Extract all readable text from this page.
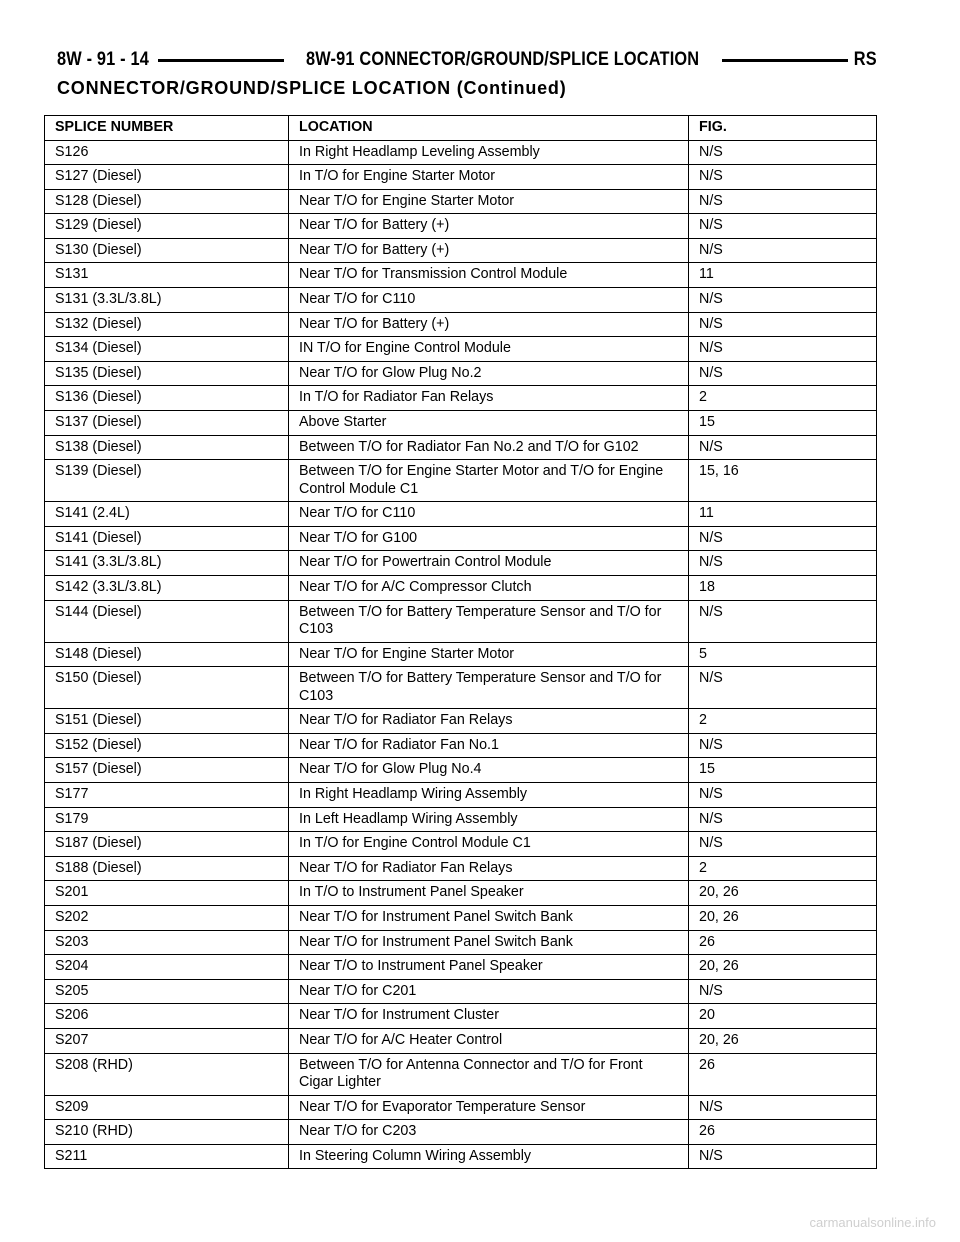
8W - 91 - 14	8W-91 CONNECTOR/GROUND/SPLICE LOCATION	RS
CONNECTOR/GROUND/SPLICE LOCATION (Continued)
SPLICE NUMBER	LOCATION	FIG.
S126	In Right Headlamp Leveling Assembly	N/S
S127 (Diesel)	In T/O for Engine Starter Motor	N/S
S128 (Diesel)	Near T/O for Engine Starter Motor	N/S
S129 (Diesel)	Near T/O for Battery (+)	N/S
S130 (Diesel)	Near T/O for Battery (+)	N/S
S131	Near T/O for Transmission Control Module	11
S131 (3.3L/3.8L)	Near T/O for C110	N/S
S132 (Diesel)	Near T/O for Battery (+)	N/S
S134 (Diesel)	IN T/O for Engine Control Module	N/S
S135 (Diesel)	Near T/O for Glow Plug No.2	N/S
S136 (Diesel)	In T/O for Radiator Fan Relays	2
S137 (Diesel)	Above Starter	15
S138 (Diesel)	Between T/O for Radiator Fan No.2 and T/O for G102	N/S
S139 (Diesel)	Between T/O for Engine Starter Motor and T/O for Engine Control Module C1	15, 16
S141 (2.4L)	Near T/O for C110	11
S141 (Diesel)	Near T/O for G100	N/S
S141 (3.3L/3.8L)	Near T/O for Powertrain Control Module	N/S
S142 (3.3L/3.8L)	Near T/O for A/C Compressor Clutch	18
S144 (Diesel)	Between T/O for Battery Temperature Sensor and T/O for C103	N/S
S148 (Diesel)	Near T/O for Engine Starter Motor	5
S150 (Diesel)	Between T/O for Battery Temperature Sensor and T/O for C103	N/S
S151 (Diesel)	Near T/O for Radiator Fan Relays	2
S152 (Diesel)	Near T/O for Radiator Fan No.1	N/S
S157 (Diesel)	Near T/O for Glow Plug No.4	15
S177	In Right Headlamp Wiring Assembly	N/S
S179	In Left Headlamp Wiring Assembly	N/S
S187 (Diesel)	In T/O for Engine Control Module C1	N/S
S188 (Diesel)	Near T/O for Radiator Fan Relays	2
S201	In T/O to Instrument Panel Speaker	20, 26
S202	Near T/O for Instrument Panel Switch Bank	20, 26
S203	Near T/O for Instrument Panel Switch Bank	26
S204	Near T/O to Instrument Panel Speaker	20, 26
S205	Near T/O for C201	N/S
S206	Near T/O for Instrument Cluster	20
S207	Near T/O for A/C Heater Control	20, 26
S208 (RHD)	Between T/O for Antenna Connector and T/O for Front Cigar Lighter	26
S209	Near T/O for Evaporator Temperature Sensor	N/S
S210 (RHD)	Near T/O for C203	26
S211	In Steering Column Wiring Assembly	N/S
carmanualsonline.info
